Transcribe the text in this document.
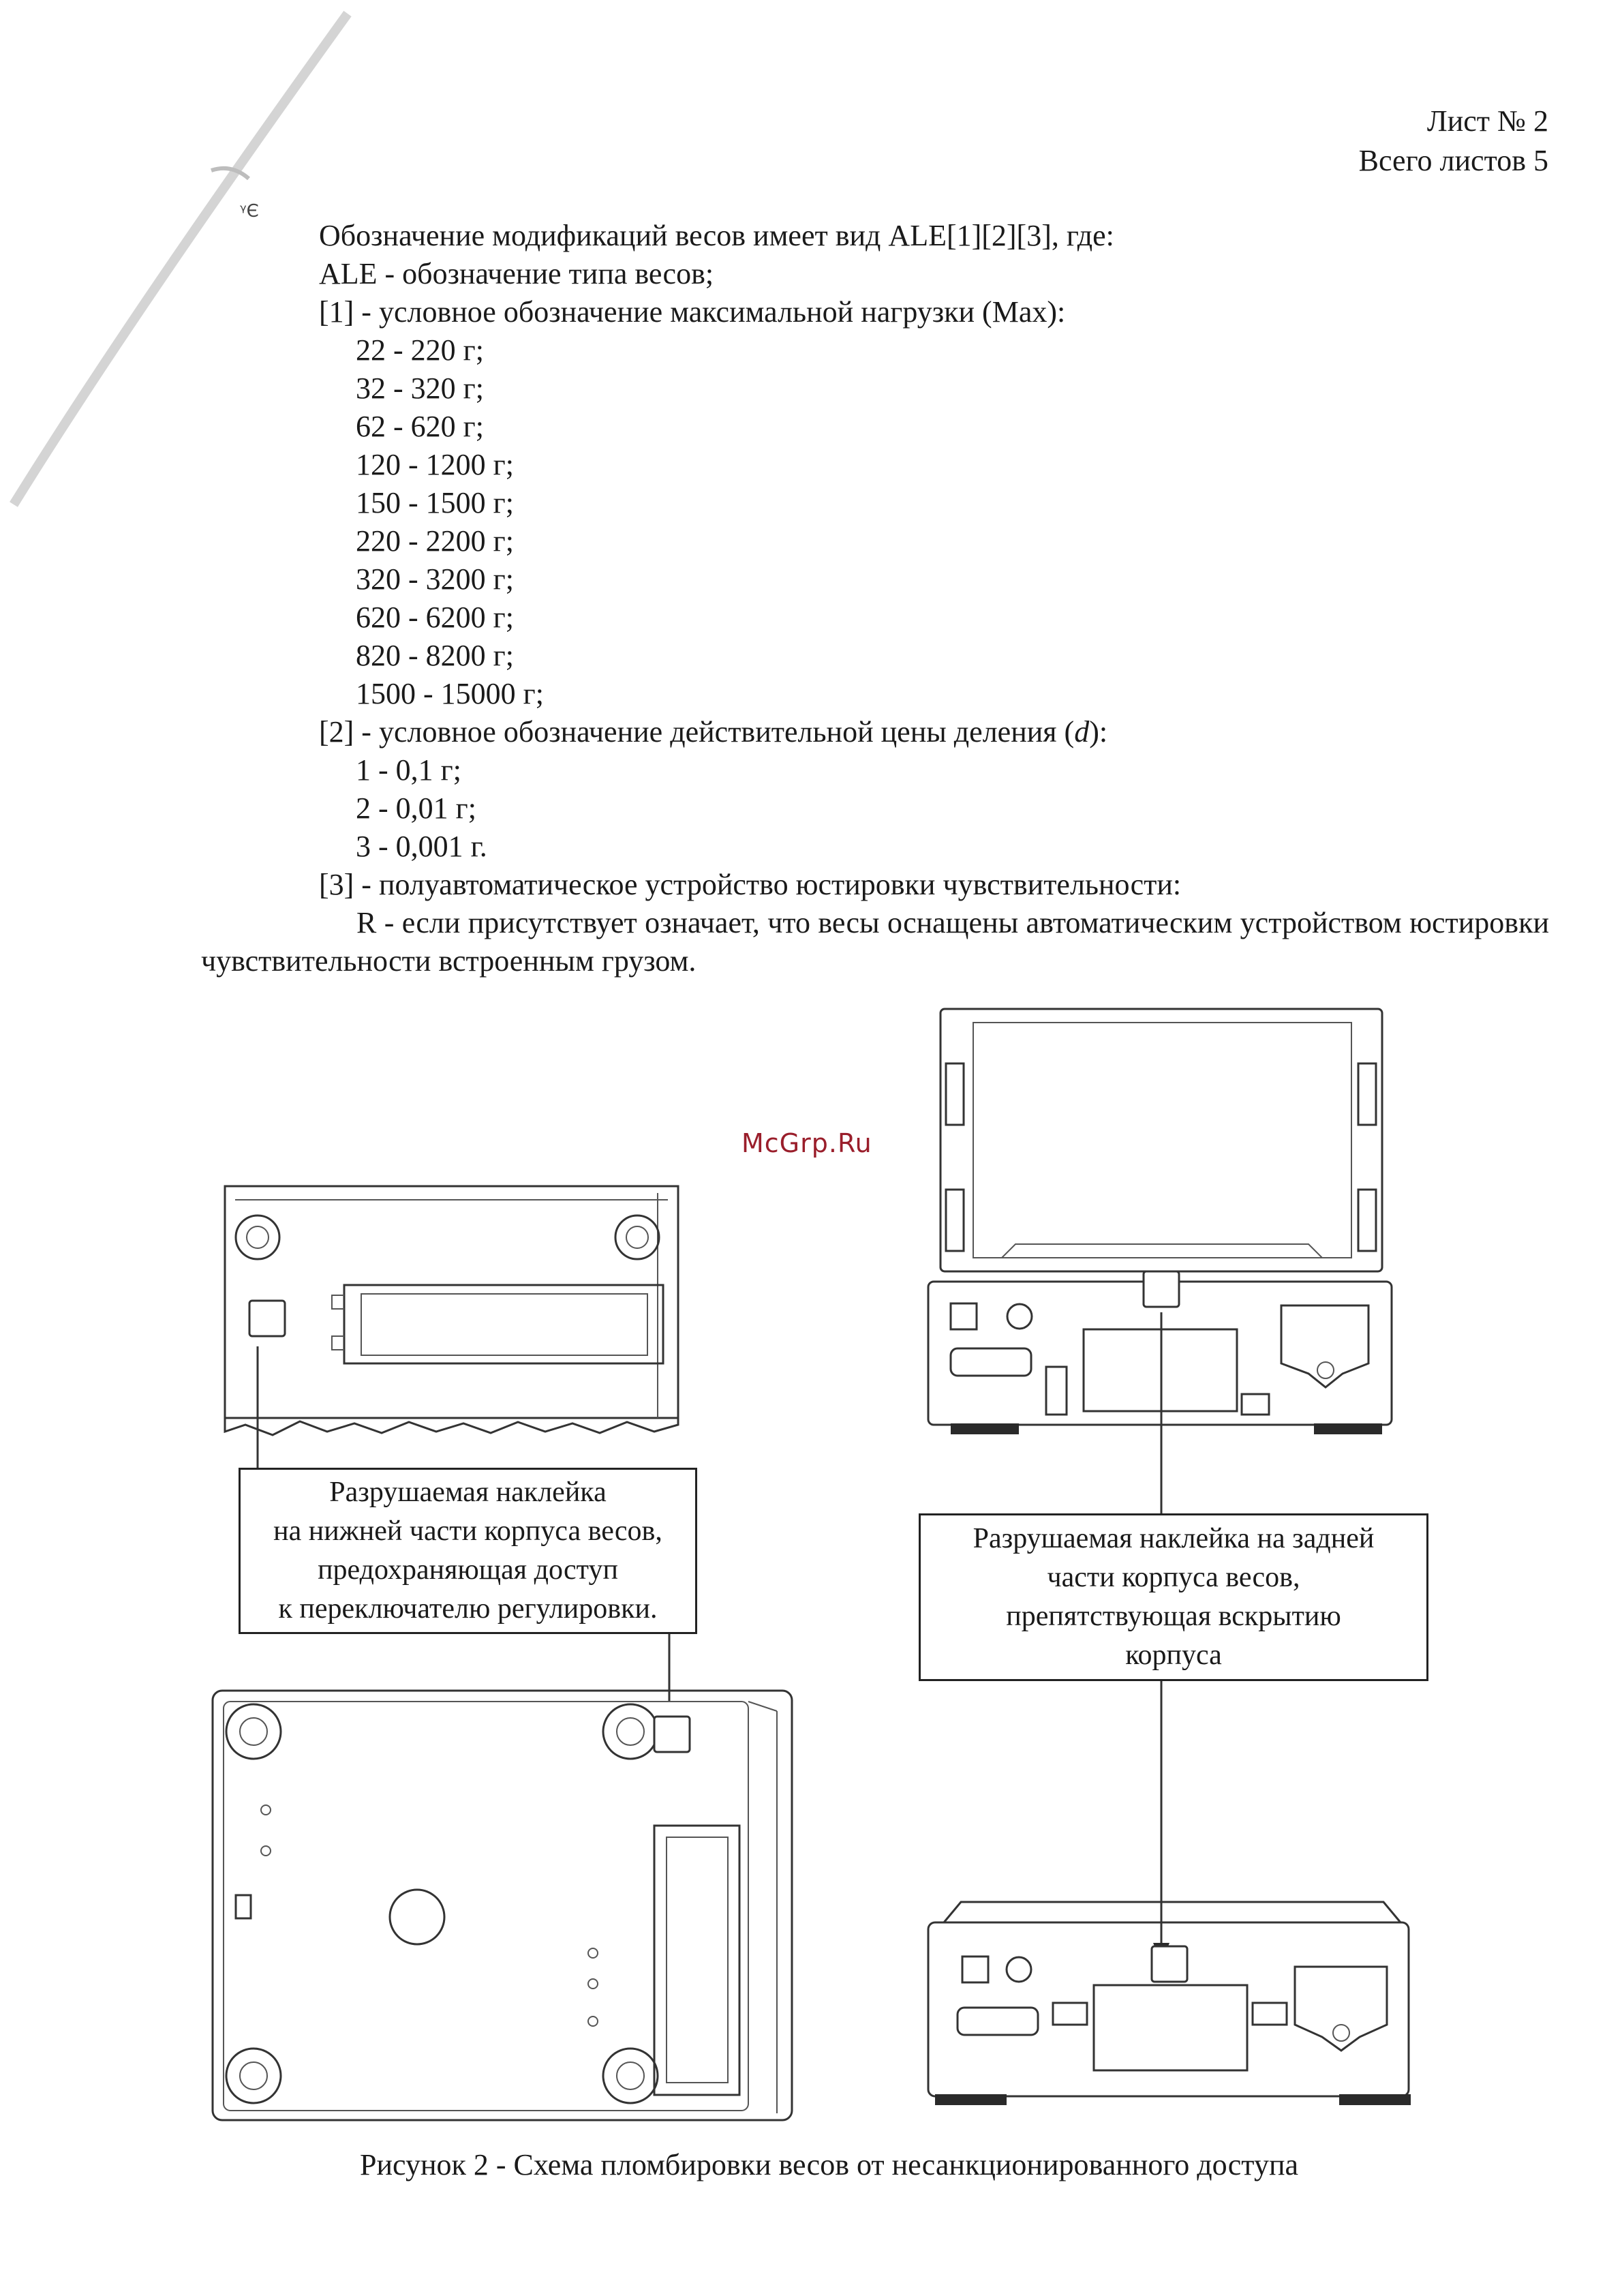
Лист № 2
Всего листов 5
ᵞЄ
Обозначение модификаций весов имеет вид ALE[1][2][3], где:
ALE - обозначение типа весов;
[1] - условное обозначение максимальной нагрузки (Max):
22 - 220 г;
32 - 320 г;
62 - 620 г;
120 - 1200 г;
150 - 1500 г;
220 - 2200 г;
320 - 3200 г;
620 - 6200 г;
820 - 8200 г;
1500 - 15000 г;
[2] - условное обозначение действительной цены деления (d):
1 - 0,1 г;
2 - 0,01 г;
3 - 0,001 г.
[3] - полуавтоматическое устройство юстировки чувствительности:
R - если присутствует означает, что весы оснащены автоматическим устройством юстировки чувствительности встроенным грузом.
McGrp.Ru
Разрушаемая наклейка
на нижней части корпуса весов,
предохраняющая доступ
к переключателю регулировки.
Разрушаемая наклейка на задней
части корпуса весов,
препятствующая вскрытию
корпуса
Рисунок 2 - Схема пломбировки весов от несанкционированного доступа
